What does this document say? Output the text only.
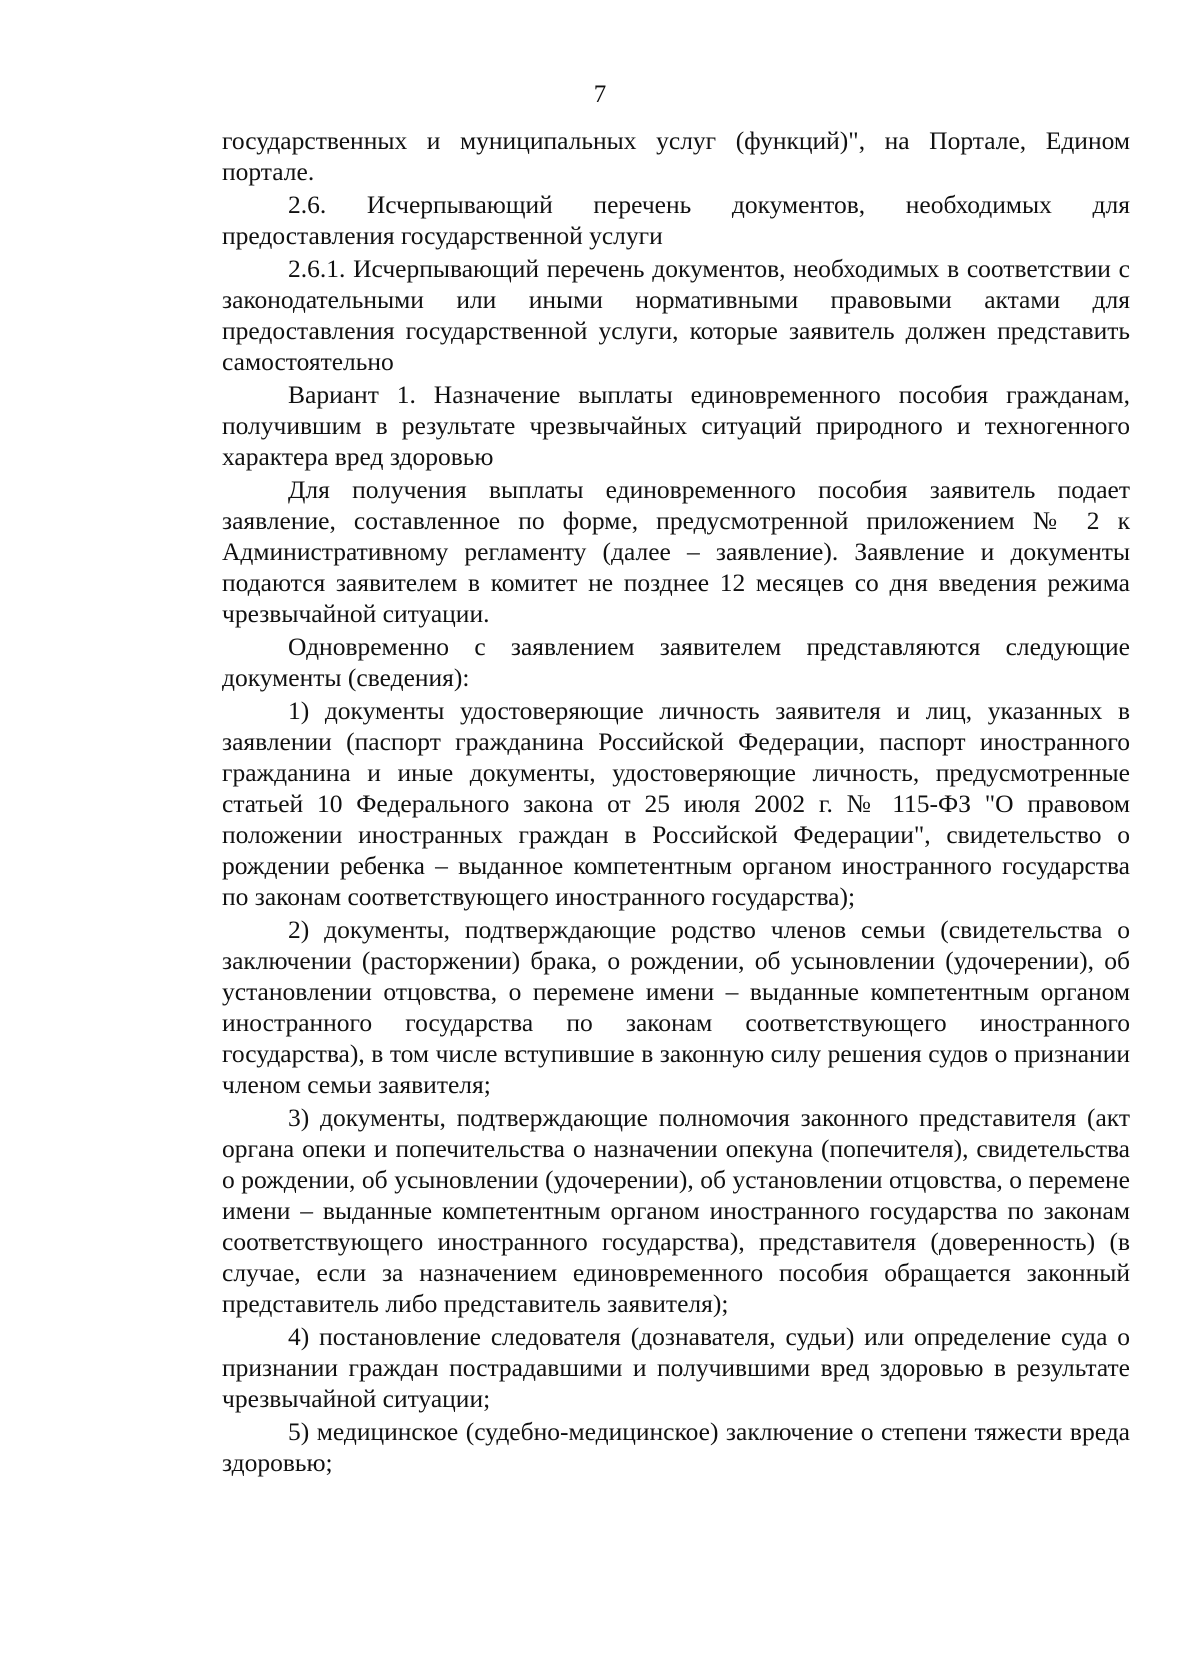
7

государственных и муниципальных услуг (функций)", на Портале, Едином портале.

2.6. Исчерпывающий перечень документов, необходимых для предоставления государственной услуги

2.6.1. Исчерпывающий перечень документов, необходимых в соответствии с законодательными или иными нормативными правовыми актами для предоставления государственной услуги, которые заявитель должен представить самостоятельно

Вариант 1. Назначение выплаты единовременного пособия гражданам, получившим в результате чрезвычайных ситуаций природного и техногенного характера вред здоровью

Для получения выплаты единовременного пособия заявитель подает заявление, составленное по форме, предусмотренной приложением № 2 к Административному регламенту (далее – заявление). Заявление и документы подаются заявителем в комитет не позднее 12 месяцев со дня введения режима чрезвычайной ситуации.

Одновременно с заявлением заявителем представляются следующие документы (сведения):

1) документы удостоверяющие личность заявителя и лиц, указанных в заявлении (паспорт гражданина Российской Федерации, паспорт иностранного гражданина и иные документы, удостоверяющие личность, предусмотренные статьей 10 Федерального закона от 25 июля 2002 г. № 115-ФЗ "О правовом положении иностранных граждан в Российской Федерации", свидетельство о рождении ребенка – выданное компетентным органом иностранного государства по законам соответствующего иностранного государства);

2) документы, подтверждающие родство членов семьи (свидетельства о заключении (расторжении) брака, о рождении, об усыновлении (удочерении), об установлении отцовства, о перемене имени – выданные компетентным органом иностранного государства по законам соответствующего иностранного государства), в том числе вступившие в законную силу решения судов о признании членом семьи заявителя;

3) документы, подтверждающие полномочия законного представителя (акт органа опеки и попечительства о назначении опекуна (попечителя), свидетельства о рождении, об усыновлении (удочерении), об установлении отцовства, о перемене имени – выданные компетентным органом иностранного государства по законам соответствующего иностранного государства), представителя (доверенность) (в случае, если за назначением единовременного пособия обращается законный представитель либо представитель заявителя);

4) постановление следователя (дознавателя, судьи) или определение суда о признании граждан пострадавшими и получившими вред здоровью в результате чрезвычайной ситуации;

5) медицинское (судебно-медицинское) заключение о степени тяжести вреда здоровью;
